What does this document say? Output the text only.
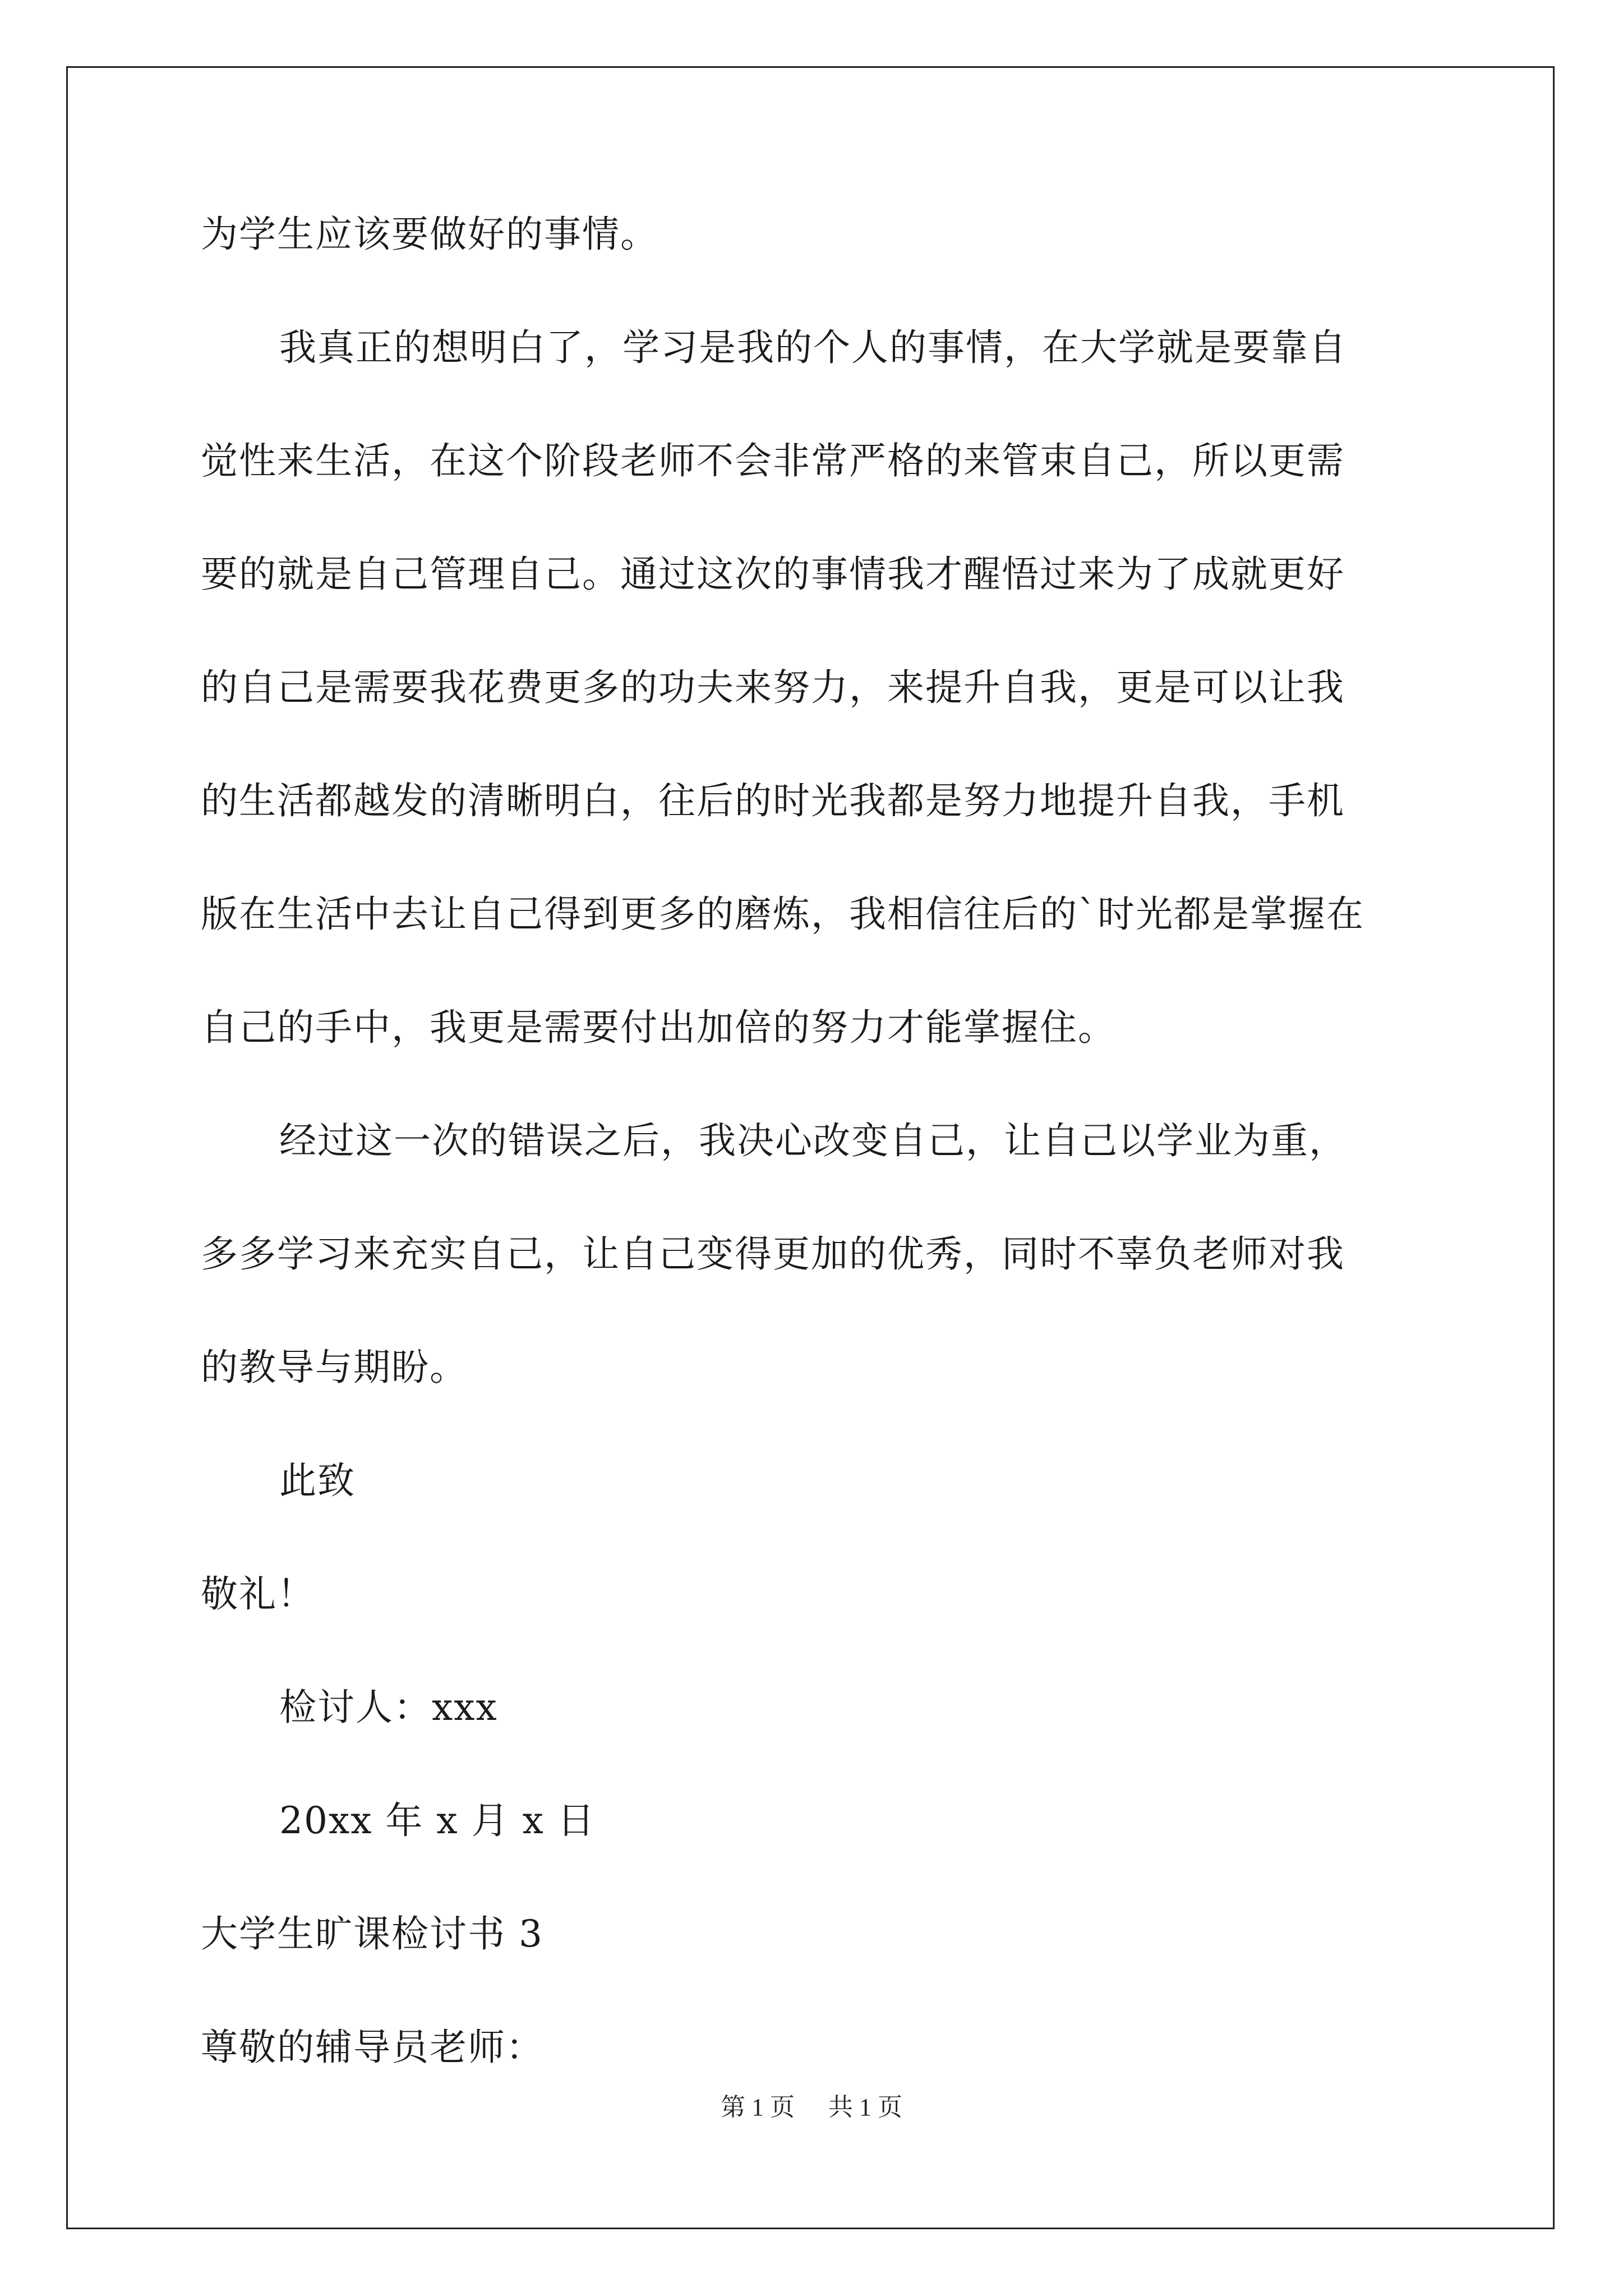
为学生应该要做好的事情。
我真正的想明白了，学习是我的个人的事情，在大学就是要靠自
觉性来生活，在这个阶段老师不会非常严格的来管束自己，所以更需
要的就是自己管理自己。通过这次的事情我才醒悟过来为了成就更好
的自己是需要我花费更多的功夫来努力，来提升自我，更是可以让我
的生活都越发的清晰明白，往后的时光我都是努力地提升自我，手机
版在生活中去让自己得到更多的磨炼，我相信往后的`时光都是掌握在
自己的手中，我更是需要付出加倍的努力才能掌握住。
经过这一次的错误之后，我决心改变自己，让自己以学业为重，
多多学习来充实自己，让自己变得更加的优秀，同时不辜负老师对我
的教导与期盼。
此致
敬礼！
检讨人：xxx
20xx 年 x 月 x 日
大学生旷课检讨书 3
尊敬的辅导员老师：
第 1 页 共 1 页
